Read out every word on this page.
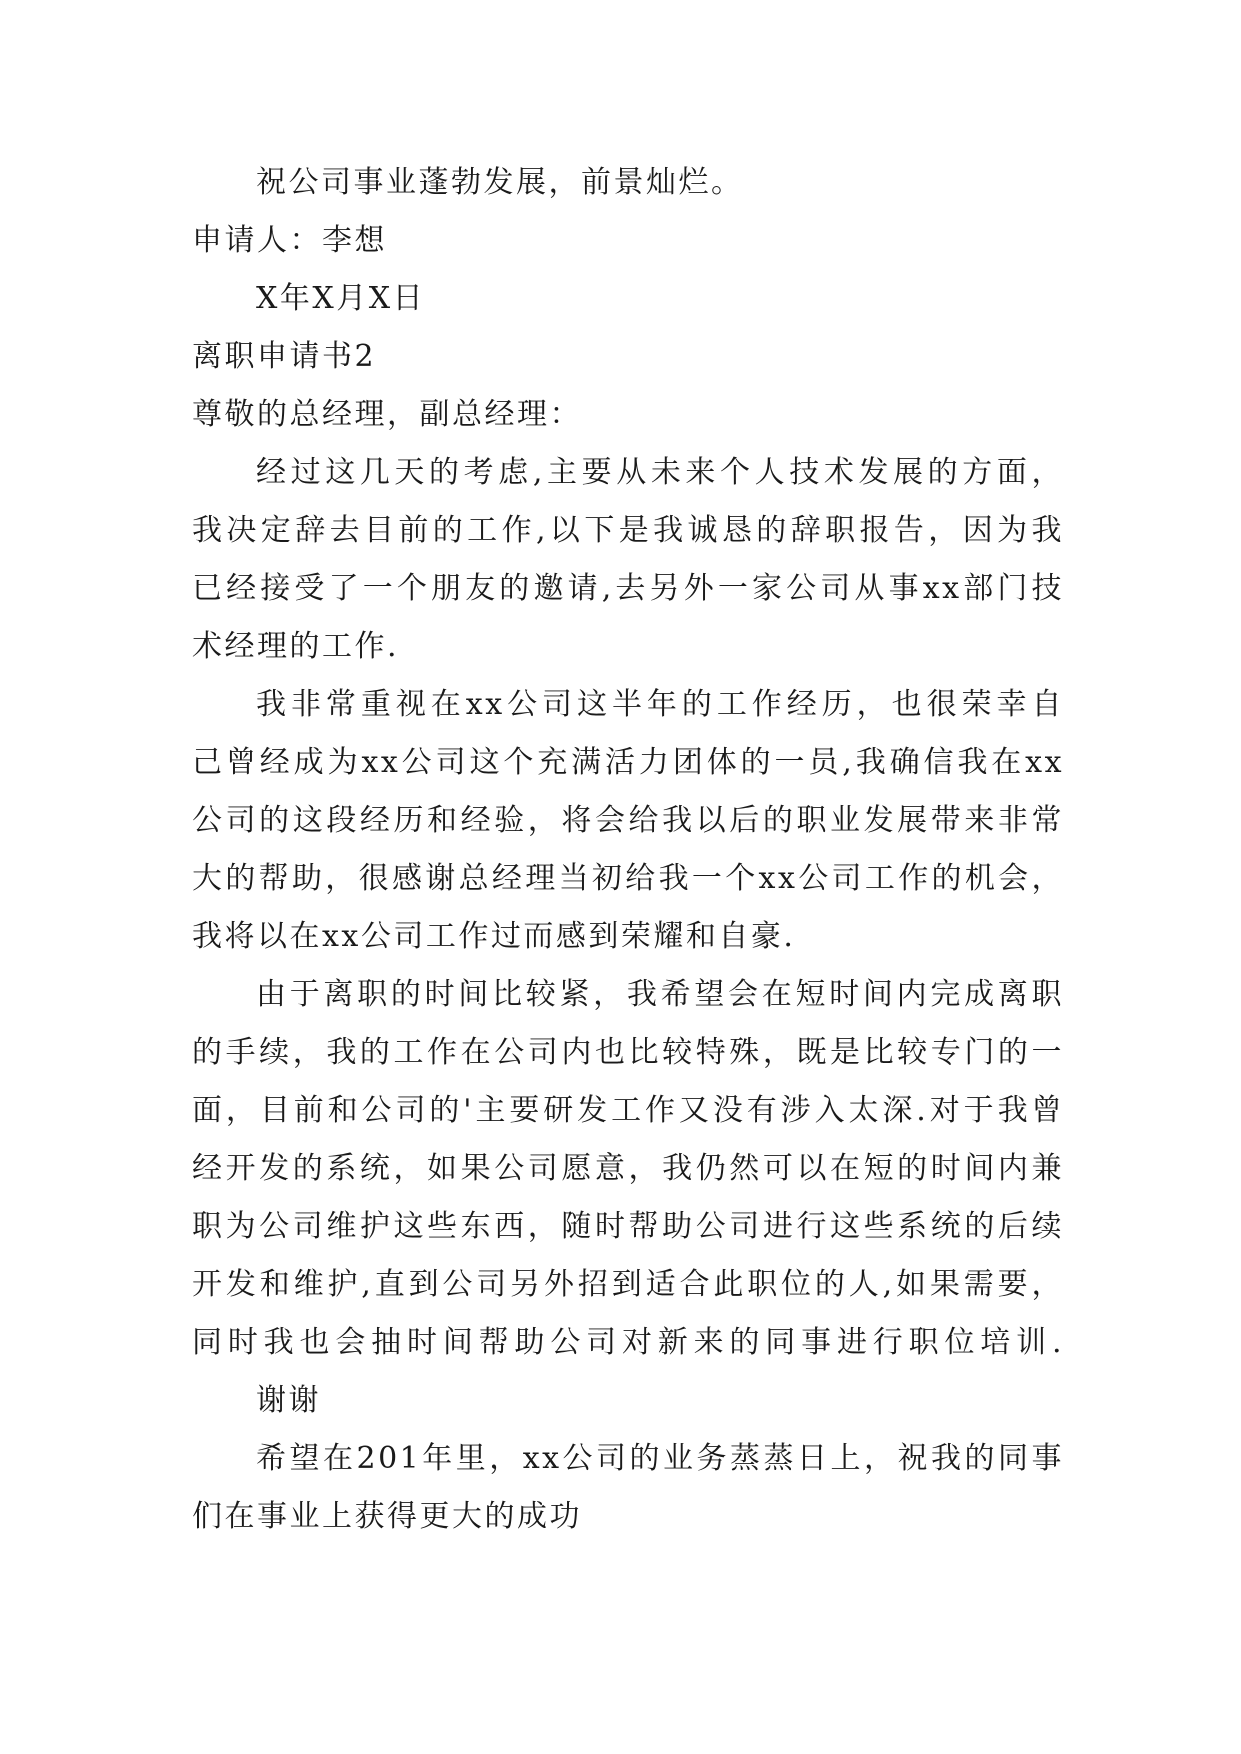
祝公司事业蓬勃发展，前景灿烂。
申请人：李想
X年X月X日
离职申请书2
尊敬的总经理，副总经理：
经过这几天的考虑,主要从未来个人技术发展的方面，
我决定辞去目前的工作,以下是我诚恳的辞职报告，因为我
已经接受了一个朋友的邀请,去另外一家公司从事xx部门技
术经理的工作.
我非常重视在xx公司这半年的工作经历，也很荣幸自
己曾经成为xx公司这个充满活力团体的一员,我确信我在xx
公司的这段经历和经验，将会给我以后的职业发展带来非常
大的帮助，很感谢总经理当初给我一个xx公司工作的机会，
我将以在xx公司工作过而感到荣耀和自豪.
由于离职的时间比较紧，我希望会在短时间内完成离职
的手续，我的工作在公司内也比较特殊，既是比较专门的一
面，目前和公司的'主要研发工作又没有涉入太深.对于我曾
经开发的系统，如果公司愿意，我仍然可以在短的时间内兼
职为公司维护这些东西，随时帮助公司进行这些系统的后续
开发和维护,直到公司另外招到适合此职位的人,如果需要，
同时我也会抽时间帮助公司对新来的同事进行职位培训.
谢谢
希望在201年里，xx公司的业务蒸蒸日上，祝我的同事
们在事业上获得更大的成功
